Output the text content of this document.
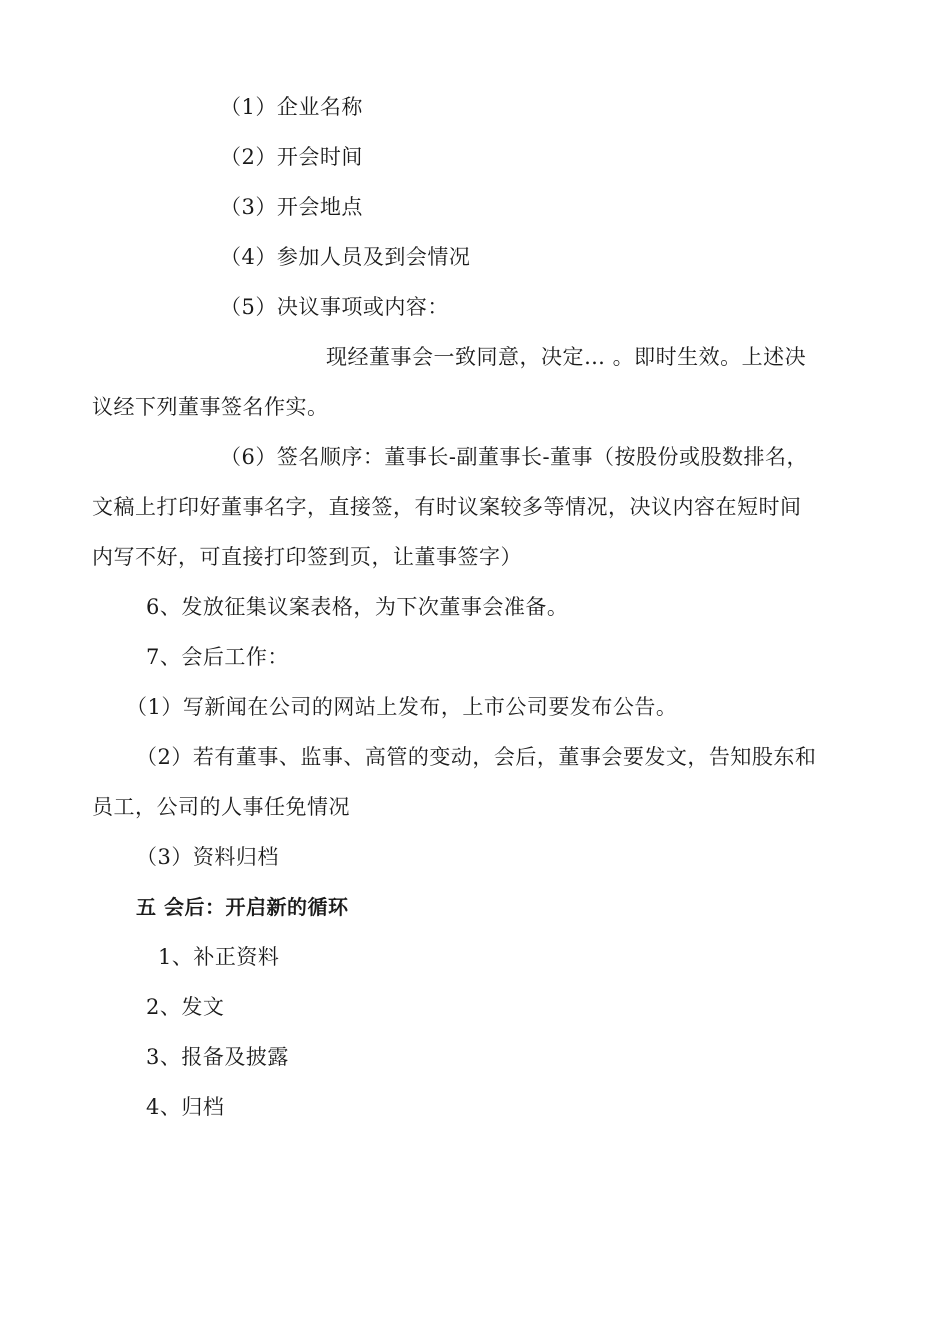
（1）企业名称
（2）开会时间
（3）开会地点
（4）参加人员及到会情况
（5）决议事项或内容：
现经董事会一致同意，决定… 。即时生效。上述决
议经下列董事签名作实。
（6）签名顺序：董事长-副董事长-董事（按股份或股数排名，
文稿上打印好董事名字，直接签，有时议案较多等情况，决议内容在短时间
内写不好，可直接打印签到页，让董事签字）
6、发放征集议案表格，为下次董事会准备。
7、会后工作：
（1）写新闻在公司的网站上发布，上市公司要发布公告。
（2）若有董事、监事、高管的变动，会后，董事会要发文，告知股东和
员工，公司的人事任免情况
（3）资料归档
五 会后：开启新的循环
1、补正资料
2、发文
3、报备及披露
4、归档
